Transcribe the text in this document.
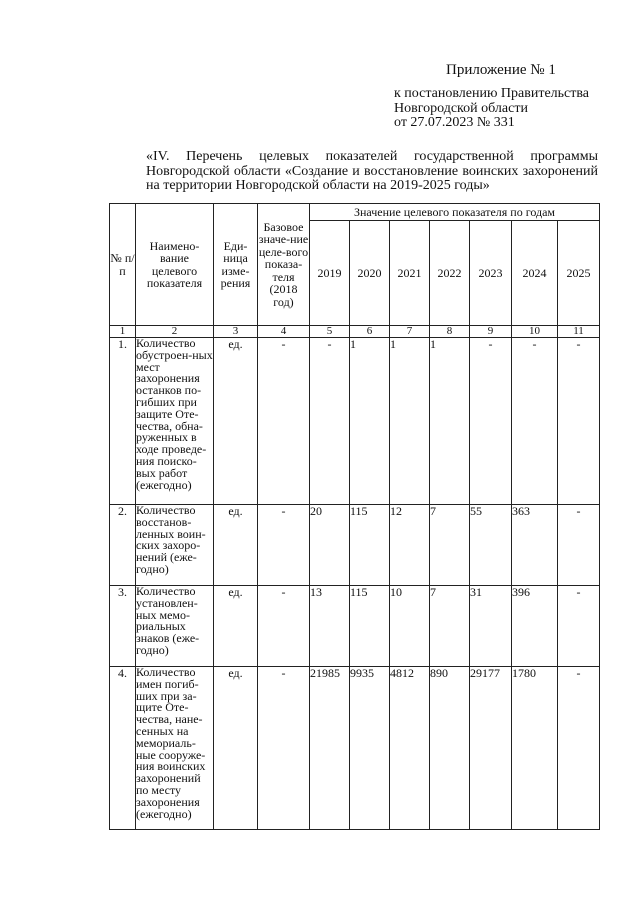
Приложение № 1
к постановлению Правительства
Новгородской области
от 27.07.2023 № 331
«IV. Перечень целевых показателей государственной программы Новгородской области «Создание и восстановление воинских захоронений на территории Новгородской области на 2019-2025 годы»
№ п/п	Наимено-вание целевого показателя	Еди-ница изме-рения	Базовое значе-ние целе-вого показа-теля (2018 год)	Значение целевого показателя по годам						
				2019	2020	2021	2022	2023	2024	2025
1	2	3	4	5	6	7	8	9	10	11
1.	Количество обустроен-ных мест захоронения останков по-гибших при защите Оте-чества, обна-руженных в ходе проведе-ния поиско-вых работ (ежегодно)	ед.	-	-	1	1	1	-	-	-
2.	Количество восстанов-ленных воин-ских захоро-нений (еже-годно)	ед.	-	20	115	12	7	55	363	-
3.	Количество установлен-ных мемо-риальных знаков (еже-годно)	ед.	-	13	115	10	7	31	396	-
4.	Количество имен погиб-ших при за-щите Оте-чества, нане-сенных на мемориаль-ные сооруже-ния воинских захоронений по месту захоронения (ежегодно)	ед.	-	21985	9935	4812	890	29177	1780	-
